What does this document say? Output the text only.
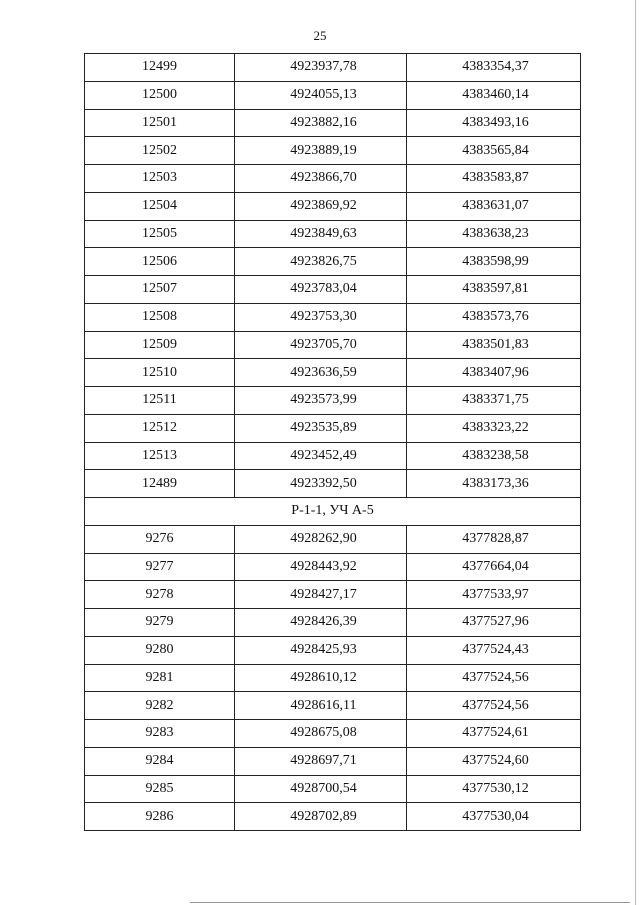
25
12499	4923937,78	4383354,37
12500	4924055,13	4383460,14
12501	4923882,16	4383493,16
12502	4923889,19	4383565,84
12503	4923866,70	4383583,87
12504	4923869,92	4383631,07
12505	4923849,63	4383638,23
12506	4923826,75	4383598,99
12507	4923783,04	4383597,81
12508	4923753,30	4383573,76
12509	4923705,70	4383501,83
12510	4923636,59	4383407,96
12511	4923573,99	4383371,75
12512	4923535,89	4383323,22
12513	4923452,49	4383238,58
12489	4923392,50	4383173,36
Р-1-1, УЧ А-5		
9276	4928262,90	4377828,87
9277	4928443,92	4377664,04
9278	4928427,17	4377533,97
9279	4928426,39	4377527,96
9280	4928425,93	4377524,43
9281	4928610,12	4377524,56
9282	4928616,11	4377524,56
9283	4928675,08	4377524,61
9284	4928697,71	4377524,60
9285	4928700,54	4377530,12
9286	4928702,89	4377530,04
